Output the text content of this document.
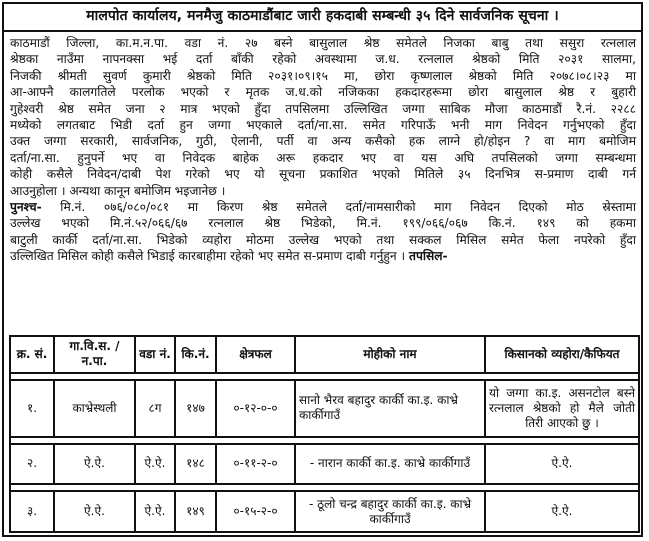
मालपोत कार्यालय, मनमैजु काठमाडौंबाट जारी हकदाबी सम्बन्धी ३५ दिने सार्वजनिक सूचना ।

काठमाडौं जिल्ला, का.म.न.पा. वडा नं. २७ बस्ने बासुलाल श्रेष्ठ समेतले निजका बाबु तथा ससुरा रत्नलाल

श्रेष्ठका नाउँमा नापनक्सा भई दर्ता बाँकी रहेको अवस्थामा ज.ध. रत्नलाल श्रेष्ठको मिति २०३१ सालमा,

निजकी श्रीमती सुवर्ण कुमारी श्रेष्ठको मिति २०३१।०९।१५ मा, छोरा कृष्णलाल श्रेष्ठको मिति २०७८।०८।२३ मा

आ-आफ्नै कालगतिले परलोक भएको र मृतक ज.ध.को नजिकका हकदारहरूमा छोरा बासुलाल श्रेष्ठ र बुहारी

गुहेश्वरी श्रेष्ठ समेत जना २ मात्र भएको हुँदा तपसिलमा उल्लिखित जग्गा साबिक मौजा काठमाडौं रै.नं. २२८८

मध्येको लगतबाट भिडी दर्ता हुन जग्गा भएकाले दर्ता/ना.सा. समेत गरिपाऊँ भनी माग निवेदन गर्नुभएको हुँदा

उक्त जग्गा सरकारी, सार्वजनिक, गुठी, ऐलानी, पर्ती वा अन्य कसैको हक लाग्ने हो/होइन ? वा माग बमोजिम

दर्ता/ना.सा. हुनुपर्ने भए वा निवेदक बाहेक अरू हकदार भए वा यस अघि तपसिलको जग्गा सम्बन्धमा

कोही कसैले निवेदन/दाबी पेश गरेको भए यो सूचना प्रकाशित भएको मितिले ३५ दिनभित्र स-प्रमाण दाबी गर्न

आउनुहोला । अन्यथा कानून बमोजिम भइजानेछ ।

पुनश्च- मि.नं. ०७६/०८०/०८१ मा किरण श्रेष्ठ समेतले दर्ता/नामसारीको माग निवेदन दिएको मोठ स्रेस्तामा

उल्लेख भएको मि.नं.५२/०६६/६७ रत्नलाल श्रेष्ठ भिडेको, मि.नं. १९९/०६६/०६७ कि.नं. १४९ को हकमा

बाटुली कार्की दर्ता/ना.सा. भिडेको व्यहोरा मोठमा उल्लेख भएको तथा सक्कल मिसिल समेत फेला नपरेको हुँदा

उल्लिखित मिसिल कोही कसैले भिडाई कारबाहीमा रहेको भए समेत स-प्रमाण दाबी गर्नुहुन । तपसिल-

क्र. सं.	गा.वि.स. /न.पा.	वडा नं.	कि.नं.	क्षेत्रफल	मोहीको नाम	किसानको व्यहोरा/कैफियत

१.	काभ्रेस्थली	८ग	१४७	०-१२-०-०	सानो भैरव बहादुर कार्की का.इ. काभ्रे कार्कीगाउँ	यो जग्गा का.इ. असनटोल बस्ने रत्नलाल श्रेष्ठको हो मैले जोती तिरी आएको छु ।

२.	ऐ.ऐ.	ऐ.ऐ.	१४८	०-११-२-०	- नारान कार्की का.इ. काभ्रे कार्कीगाउँ	ऐ.ऐ.

३.	ऐ.ऐ.	ऐ.ऐ.	१४९	०-१५-२-०	- ठूलो चन्द्र बहादुर कार्की का.इ. काभ्रे कार्कीगाउँ	ऐ.ऐ.
